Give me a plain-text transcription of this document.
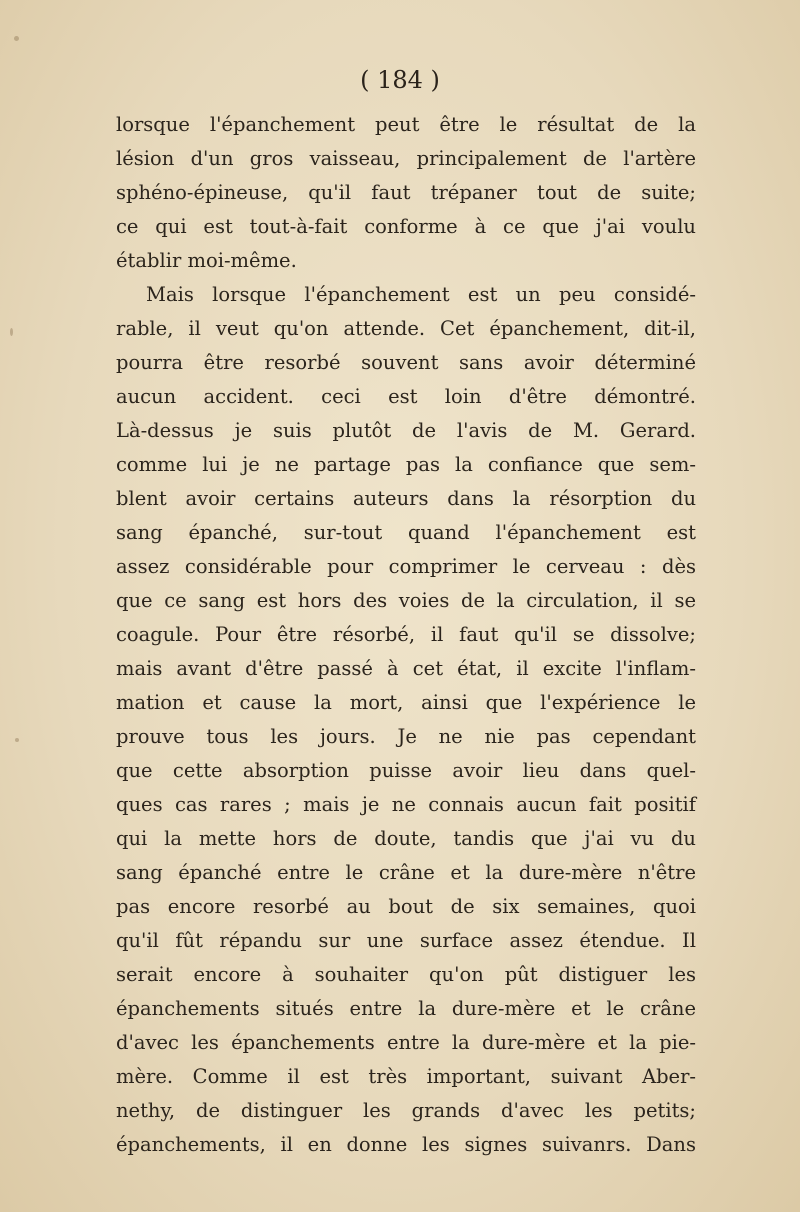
( 184 )
lorsque l'épanchement peut être le résultat de la
lésion d'un gros vaisseau, principalement de l'artère
sphéno-épineuse, qu'il faut trépaner tout de suite;
ce qui est tout-à-fait conforme à ce que j'ai voulu
établir moi-même.
Mais lorsque l'épanchement est un peu considé-
rable, il veut qu'on attende. Cet épanchement, dit-il,
pourra être resorbé souvent sans avoir déterminé
aucun accident. ceci est loin d'être démontré.
Là-dessus je suis plutôt de l'avis de M. Gerard.
comme lui je ne partage pas la confiance que sem-
blent avoir certains auteurs dans la résorption du
sang épanché, sur-tout quand l'épanchement est
assez considérable pour comprimer le cerveau : dès
que ce sang est hors des voies de la circulation, il se
coagule. Pour être résorbé, il faut qu'il se dissolve;
mais avant d'être passé à cet état, il excite l'inflam-
mation et cause la mort, ainsi que l'expérience le
prouve tous les jours. Je ne nie pas cependant
que cette absorption puisse avoir lieu dans quel-
ques cas rares ; mais je ne connais aucun fait positif
qui la mette hors de doute, tandis que j'ai vu du
sang épanché entre le crâne et la dure-mère n'être
pas encore resorbé au bout de six semaines, quoi
qu'il fût répandu sur une surface assez étendue. Il
serait encore à souhaiter qu'on pût distiguer les
épanchements situés entre la dure-mère et le crâne
d'avec les épanchements entre la dure-mère et la pie-
mère. Comme il est très important, suivant Aber-
nethy, de distinguer les grands d'avec les petits;
épanchements, il en donne les signes suivanrs. Dans
